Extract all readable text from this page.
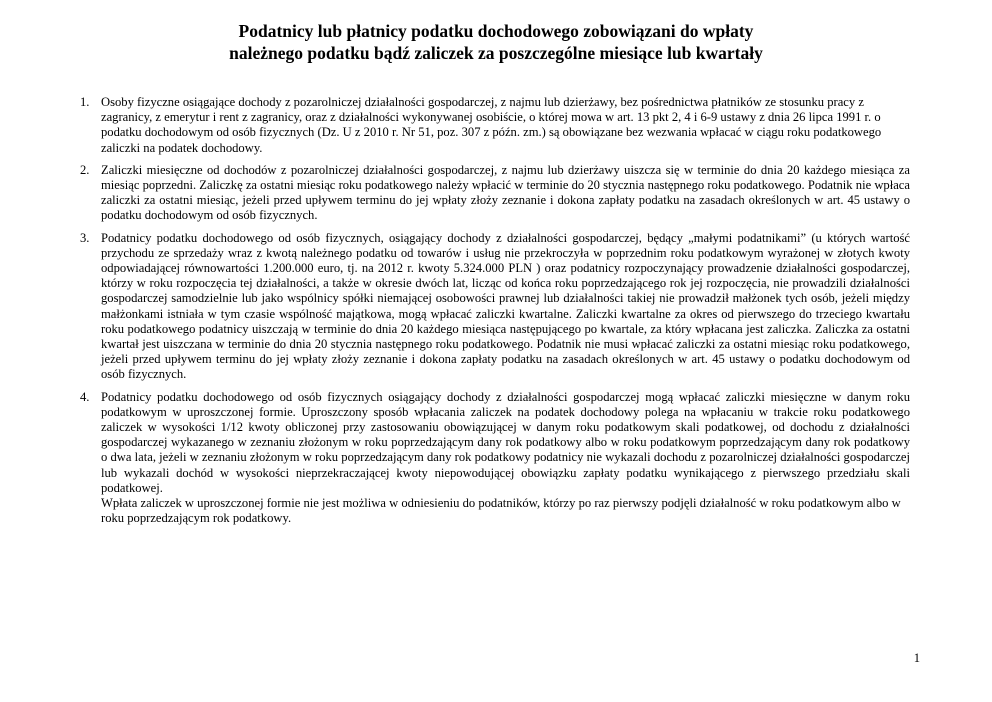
Podatnicy lub płatnicy podatku dochodowego zobowiązani do wpłaty
należnego podatku bądź zaliczek za poszczególne miesiące lub kwartały
1. Osoby fizyczne osiągające dochody z pozarolniczej działalności gospodarczej, z najmu lub dzierżawy, bez pośrednictwa płatników ze stosunku pracy z zagranicy, z emerytur i rent z zagranicy, oraz z działalności wykonywanej osobiście, o której mowa w art. 13 pkt 2, 4 i 6-9 ustawy z dnia 26 lipca 1991 r. o podatku dochodowym od osób fizycznych (Dz. U z 2010 r. Nr 51, poz. 307 z późn. zm.) są obowiązane bez wezwania wpłacać w ciągu roku podatkowego zaliczki na podatek dochodowy.
2. Zaliczki miesięczne od dochodów z pozarolniczej działalności gospodarczej, z najmu lub dzierżawy uiszcza się w terminie do dnia 20 każdego miesiąca za miesiąc poprzedni. Zaliczkę za ostatni miesiąc roku podatkowego należy wpłacić w terminie do 20 stycznia następnego roku podatkowego. Podatnik nie wpłaca zaliczki za ostatni miesiąc, jeżeli przed upływem terminu do jej wpłaty złoży zeznanie i dokona zapłaty podatku na zasadach określonych w art. 45 ustawy o podatku dochodowym od osób fizycznych.
3. Podatnicy podatku dochodowego od osób fizycznych, osiągający dochody z działalności gospodarczej, będący „małymi podatnikami” (u których wartość przychodu ze sprzedaży wraz z kwotą należnego podatku od towarów i usług nie przekroczyła w poprzednim roku podatkowym wyrażonej w złotych kwoty odpowiadającej równowartości 1.200.000 euro, tj. na 2012 r. kwoty 5.324.000 PLN ) oraz podatnicy rozpoczynający prowadzenie działalności gospodarczej, którzy w roku rozpoczęcia tej działalności, a także w okresie dwóch lat, licząc od końca roku poprzedzającego rok jej rozpoczęcia, nie prowadzili działalności gospodarczej samodzielnie lub jako wspólnicy spółki niemającej osobowości prawnej lub działalności takiej nie prowadził małżonek tych osób, jeżeli między małżonkami istniała w tym czasie wspólność majątkowa, mogą wpłacać zaliczki kwartalne. Zaliczki kwartalne za okres od pierwszego do trzeciego kwartału roku podatkowego podatnicy uiszczają w terminie do dnia 20 każdego miesiąca następującego po kwartale, za który wpłacana jest zaliczka. Zaliczka za ostatni kwartał jest uiszczana w terminie do dnia 20 stycznia następnego roku podatkowego. Podatnik nie musi wpłacać zaliczki za ostatni miesiąc roku podatkowego, jeżeli przed upływem terminu do jej wpłaty złoży zeznanie i dokona zapłaty podatku na zasadach określonych w art. 45 ustawy o podatku dochodowym od osób fizycznych.
4. Podatnicy podatku dochodowego od osób fizycznych osiągający dochody z działalności gospodarczej mogą wpłacać zaliczki miesięczne w danym roku podatkowym w uproszczonej formie. Uproszczony sposób wpłacania zaliczek na podatek dochodowy polega na wpłacaniu w trakcie roku podatkowego zaliczek w wysokości 1/12 kwoty obliczonej przy zastosowaniu obowiązującej w danym roku podatkowym skali podatkowej, od dochodu z działalności gospodarczej wykazanego w zeznaniu złożonym w roku poprzedzającym dany rok podatkowy albo w roku podatkowym poprzedzającym dany rok podatkowy o dwa lata, jeżeli w zeznaniu złożonym w roku poprzedzającym dany rok podatkowy podatnicy nie wykazali dochodu z pozarolniczej działalności gospodarczej lub wykazali dochód w wysokości nieprzekraczającej kwoty niepowodującej obowiązku zapłaty podatku wynikającego z pierwszego przedziału skali podatkowej.
Wpłata zaliczek w uproszczonej formie nie jest możliwa w odniesieniu do podatników, którzy po raz pierwszy podjęli działalność w roku podatkowym albo w roku poprzedzającym rok podatkowy.
1
